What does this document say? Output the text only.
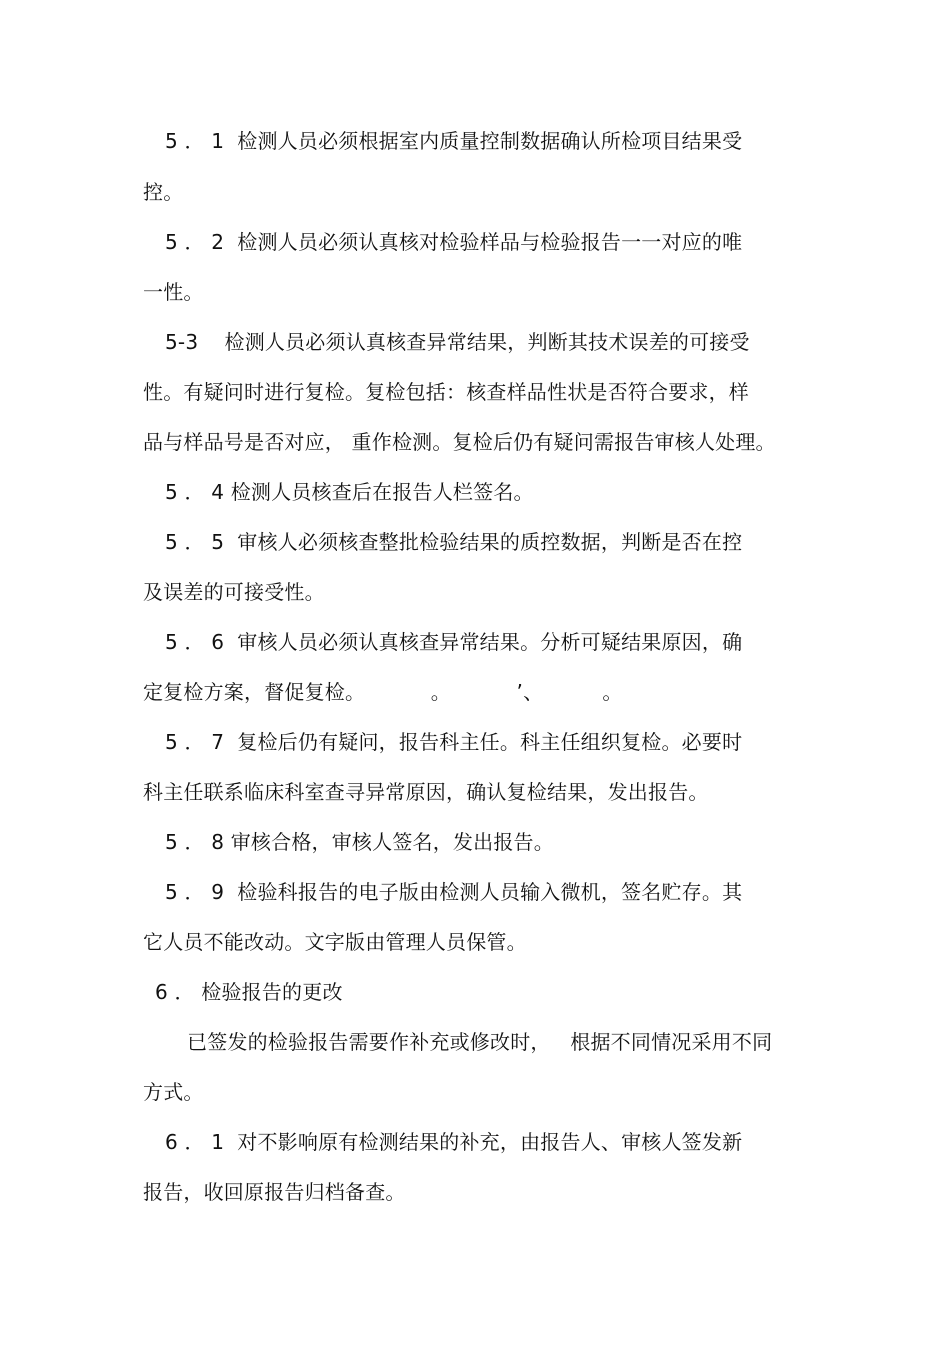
5 ． 1  检测人员必须根据室内质量控制数据确认所检项目结果受
控。
5 ． 2  检测人员必须认真核对检验样品与检验报告一一对应的唯
一性。
5-3    检测人员必须认真核查异常结果，判断其技术误差的可接受
性。有疑问时进行复检。复检包括：核查样品性状是否符合要求，样
品与样品号是否对应， 重作检测。复检后仍有疑问需报告审核人处理。
5 ． 4 检测人员核查后在报告人栏签名。
5 ． 5  审核人必须核查整批检验结果的质控数据，判断是否在控
及误差的可接受性。
5 ． 6  审核人员必须认真核查异常结果。分析可疑结果原因，确
定复检方案，督促复检。          。          ’、         。
5 ． 7  复检后仍有疑问，报告科主任。科主任组织复检。必要时
科主任联系临床科室查寻异常原因，确认复检结果，发出报告。
5 ． 8 审核合格，审核人签名，发出报告。
5 ． 9  检验科报告的电子版由检测人员输入微机，签名贮存。其
它人员不能改动。文字版由管理人员保管。
6 ． 检验报告的更改
已签发的检验报告需要作补充或修改时，   根据不同情况采用不同
方式。
6 ． 1  对不影响原有检测结果的补充，由报告人、审核人签发新
报告，收回原报告归档备查。
